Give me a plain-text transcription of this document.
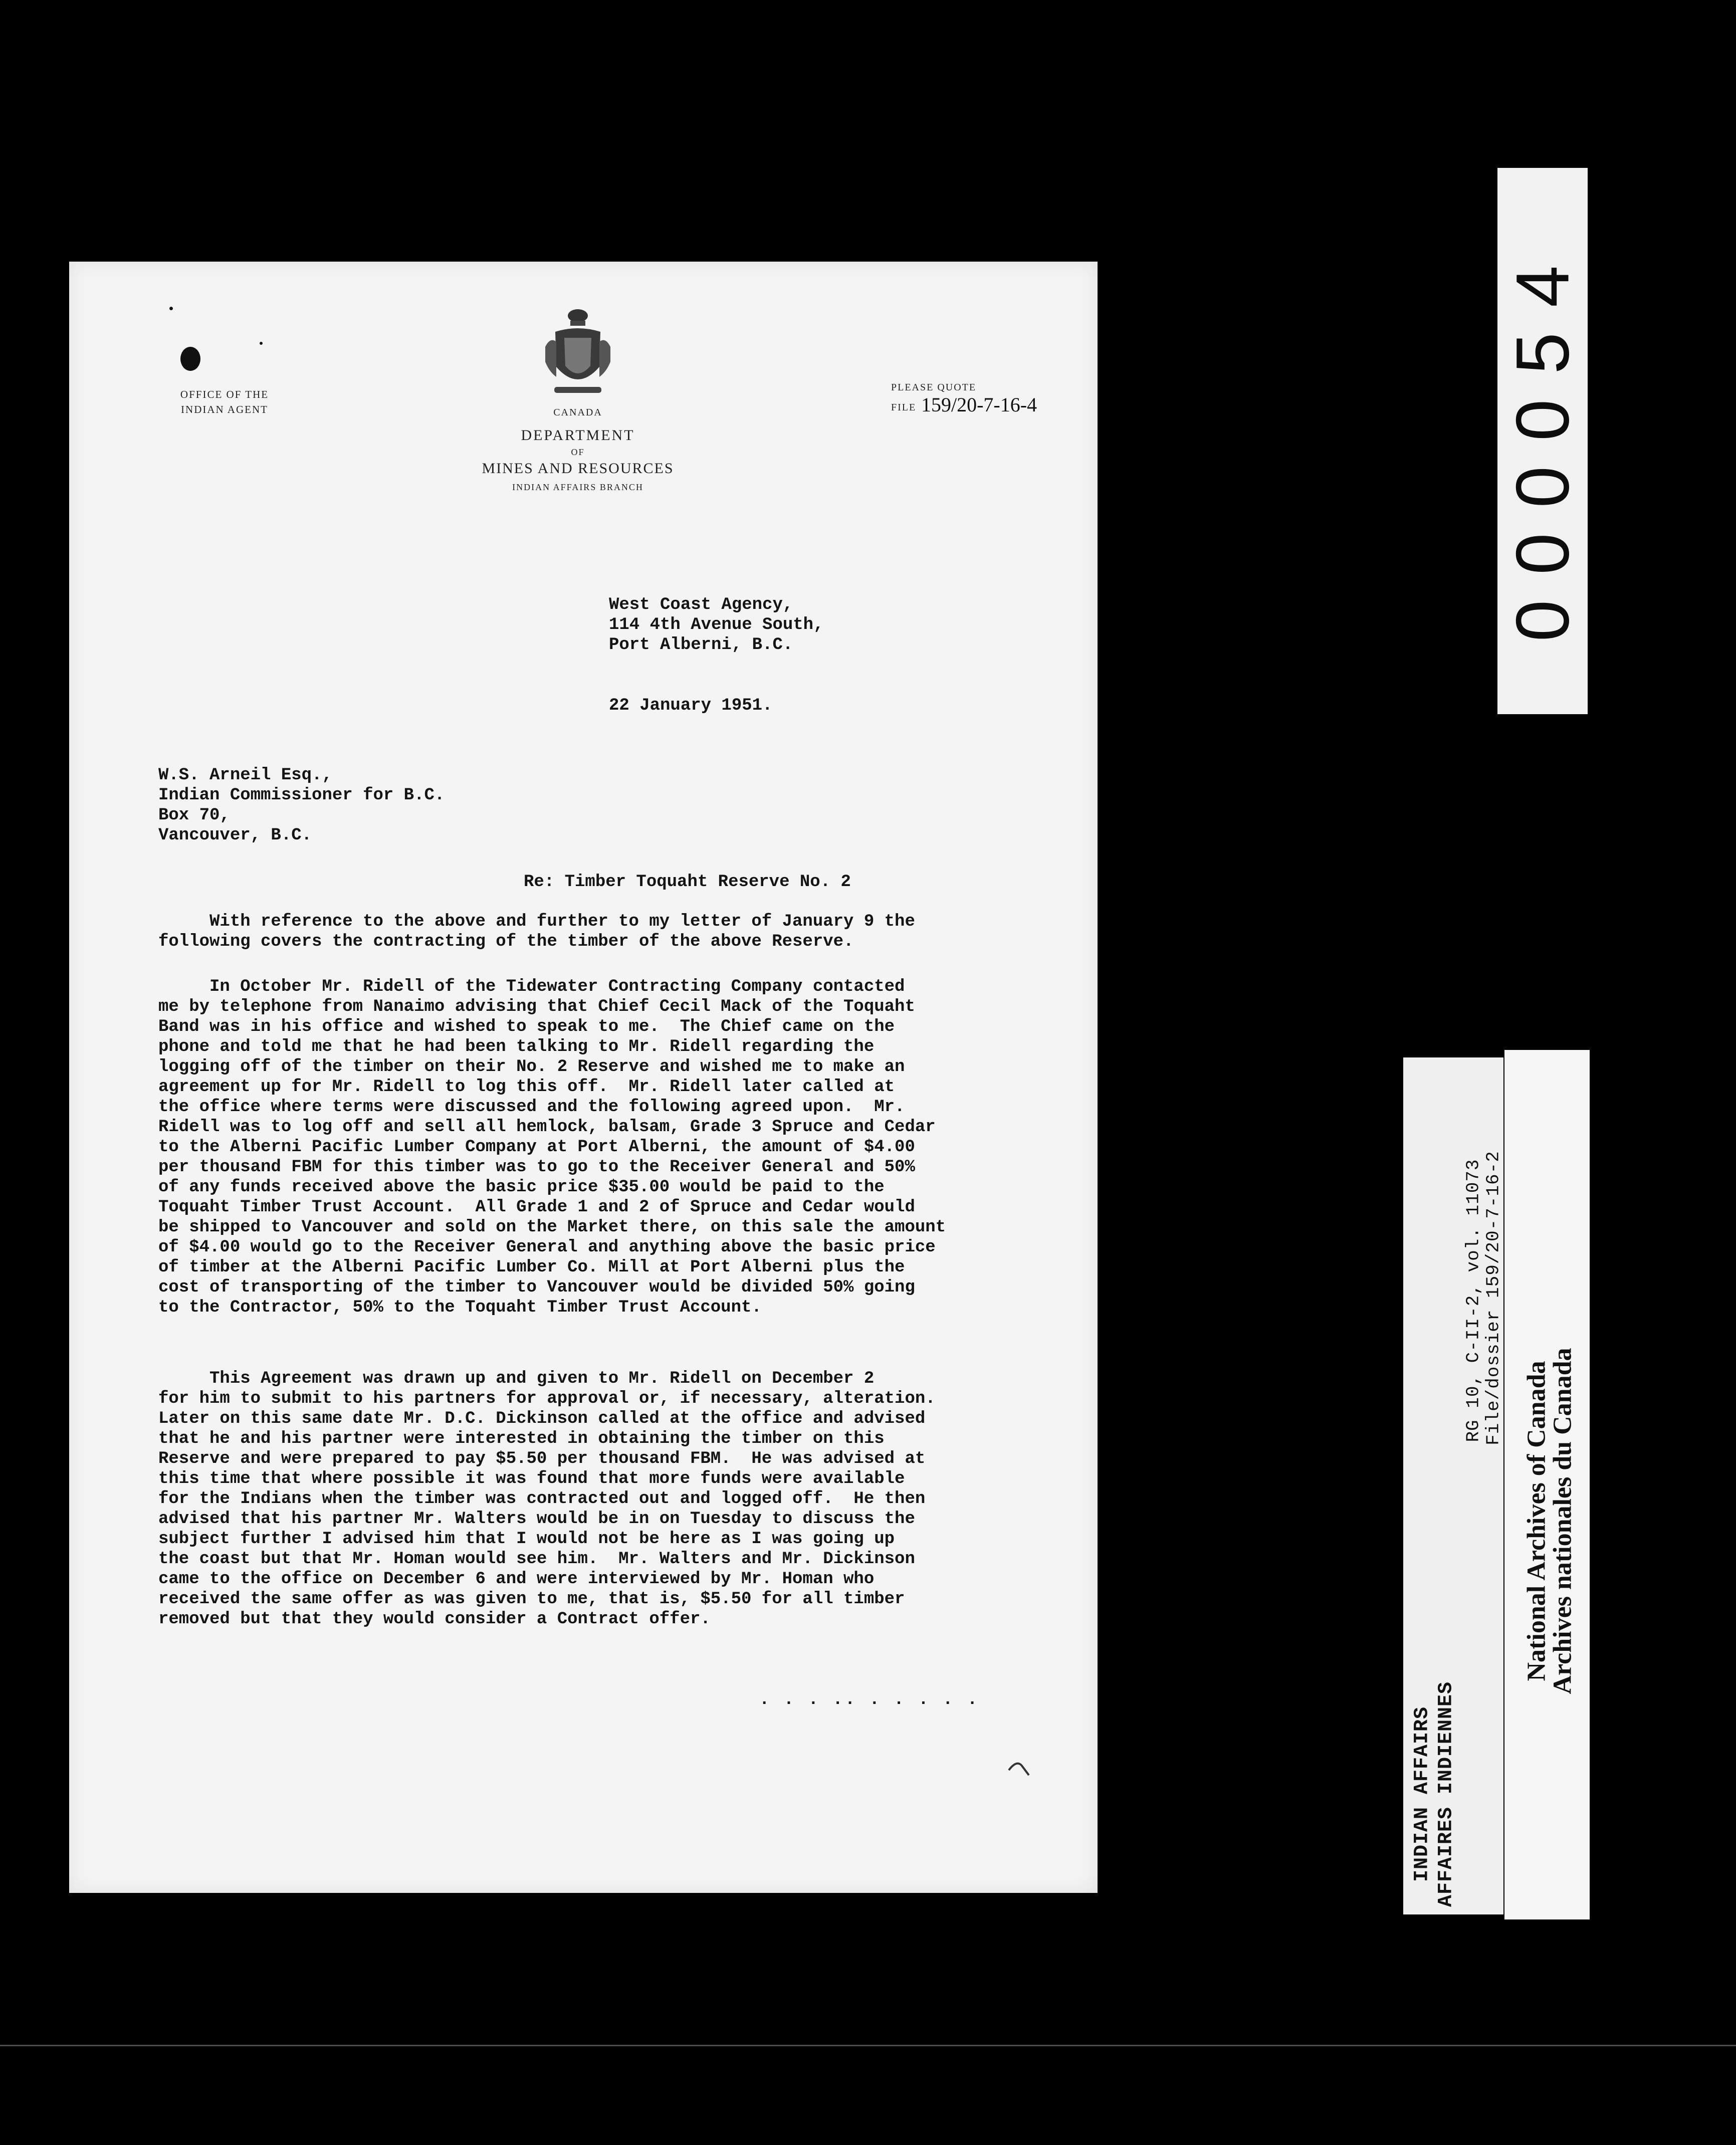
OFFICE OF THE
INDIAN AGENT	CANADA
DEPARTMENT
OF
MINES AND RESOURCES
INDIAN AFFAIRS BRANCH
PLEASE QUOTE
FILE 159/20-7-16-4
West Coast Agency,
114 4th Avenue South,
Port Alberni, B.C.
22 January 1951.
W.S. Arneil Esq.,
Indian Commissioner for B.C.
Box 70,
Vancouver, B.C.
Re: Timber Toquaht Reserve No. 2
With reference to the above and further to my letter of January 9 the
following covers the contracting of the timber of the above Reserve.
In October Mr. Ridell of the Tidewater Contracting Company contacted
me by telephone from Nanaimo advising that Chief Cecil Mack of the Toquaht
Band was in his office and wished to speak to me.  The Chief came on the
phone and told me that he had been talking to Mr. Ridell regarding the
logging off of the timber on their No. 2 Reserve and wished me to make an
agreement up for Mr. Ridell to log this off.  Mr. Ridell later called at
the office where terms were discussed and the following agreed upon.  Mr.
Ridell was to log off and sell all hemlock, balsam, Grade 3 Spruce and Cedar
to the Alberni Pacific Lumber Company at Port Alberni, the amount of $4.00
per thousand FBM for this timber was to go to the Receiver General and 50%
of any funds received above the basic price $35.00 would be paid to the
Toquaht Timber Trust Account.  All Grade 1 and 2 of Spruce and Cedar would
be shipped to Vancouver and sold on the Market there, on this sale the amount
of $4.00 would go to the Receiver General and anything above the basic price
of timber at the Alberni Pacific Lumber Co. Mill at Port Alberni plus the
cost of transporting of the timber to Vancouver would be divided 50% going
to the Contractor, 50% to the Toquaht Timber Trust Account.
This Agreement was drawn up and given to Mr. Ridell on December 2
for him to submit to his partners for approval or, if necessary, alteration.
Later on this same date Mr. D.C. Dickinson called at the office and advised
that he and his partner were interested in obtaining the timber on this
Reserve and were prepared to pay $5.50 per thousand FBM.  He was advised at
this time that where possible it was found that more funds were available
for the Indians when the timber was contracted out and logged off.  He then
advised that his partner Mr. Walters would be in on Tuesday to discuss the
subject further I advised him that I would not be here as I was going up
the coast but that Mr. Homan would see him.  Mr. Walters and Mr. Dickinson
came to the office on December 6 and were interviewed by Mr. Homan who
received the same offer as was given to me, that is, $5.50 for all timber
removed but that they would consider a Contract offer.
. . . .. . . . . .
000054
INDIAN AFFAIRS AFFAIRES INDIENNES
RG 10, C-II-2, vol. 11073 File/dossier 159/20-7-16-2
National Archives of Canada
Archives nationales du Canada
